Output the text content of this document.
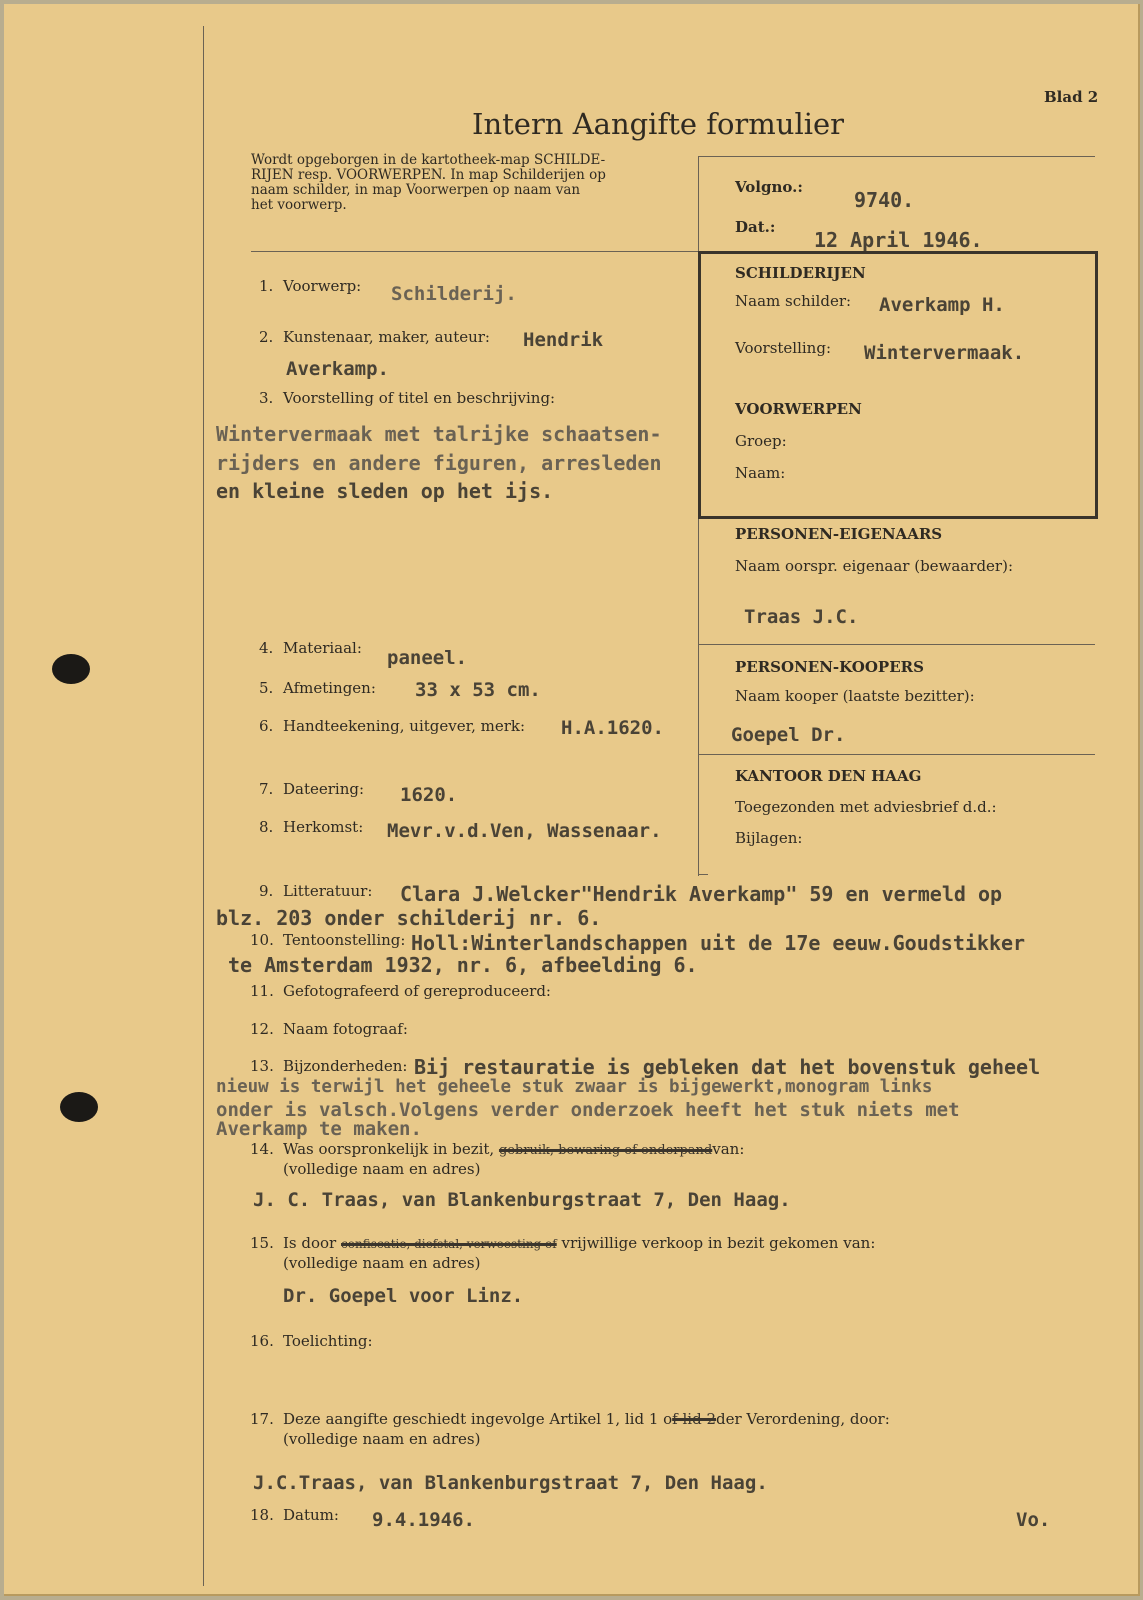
Blad 2
Intern Aangifte formulier
Wordt opgeborgen in de kartotheek-map SCHILDE-
RIJEN resp. VOORWERPEN. In map Schilderijen op
naam schilder, in map Voorwerpen op naam van
het voorwerp.
Volgno.:
9740.
Dat.:
12 April 1946.
SCHILDERIJEN
Naam schilder: Averkamp H.
Voorstelling: Wintervermaak.
VOORWERPEN
Groep:
Naam:
PERSONEN-EIGENAARS
Naam oorspr. eigenaar (bewaarder):
Traas J.C.
PERSONEN-KOOPERS
Naam kooper (laatste bezitter):
Goepel Dr.
KANTOOR DEN HAAG
Toegezonden met adviesbrief d.d.:
Bijlagen:
1. Voorwerp: Schilderij.
2. Kunstenaar, maker, auteur: Hendrik
Averkamp.
3. Voorstelling of titel en beschrijving:
Wintervermaak met talrijke schaatsen-
rijders en andere figuren, arresleden
en kleine sleden op het ijs.
4. Materiaal: paneel.
5. Afmetingen: 33 x 53 cm.
6. Handteekening, uitgever, merk: H.A.1620.
7. Dateering: 1620.
8. Herkomst: Mevr.v.d.Ven, Wassenaar.
9. Litteratuur: Clara J.Welcker"Hendrik Averkamp" 59 en vermeld op
blz. 203 onder schilderij nr. 6.
10. Tentoonstelling: Holl:Winterlandschappen uit de 17e eeuw.Goudstikker
te Amsterdam 1932, nr. 6, afbeelding 6.
11. Gefotografeerd of gereproduceerd:
12. Naam fotograaf:
13. Bijzonderheden: Bij restauratie is gebleken dat het bovenstuk geheel
nieuw is terwijl het geheele stuk zwaar is bijgewerkt,monogram links
onder is valsch.Volgens verder onderzoek heeft het stuk niets met
Averkamp te maken.
14. Was oorspronkelijk in bezit, gebruik, bewaring of onderpandvan:
(volledige naam en adres)
J. C. Traas, van Blankenburgstraat 7, Den Haag.
15. Is door confiscatie, diefstal, verwoesting of vrijwillige verkoop in bezit gekomen van:
(volledige naam en adres)
Dr. Goepel voor Linz.
16. Toelichting:
17. Deze aangifte geschiedt ingevolge Artikel 1, lid 1 of lid 2der Verordening, door:
(volledige naam en adres)
J.C.Traas, van Blankenburgstraat 7, Den Haag.
18. Datum: 9.4.1946.	Vo.
